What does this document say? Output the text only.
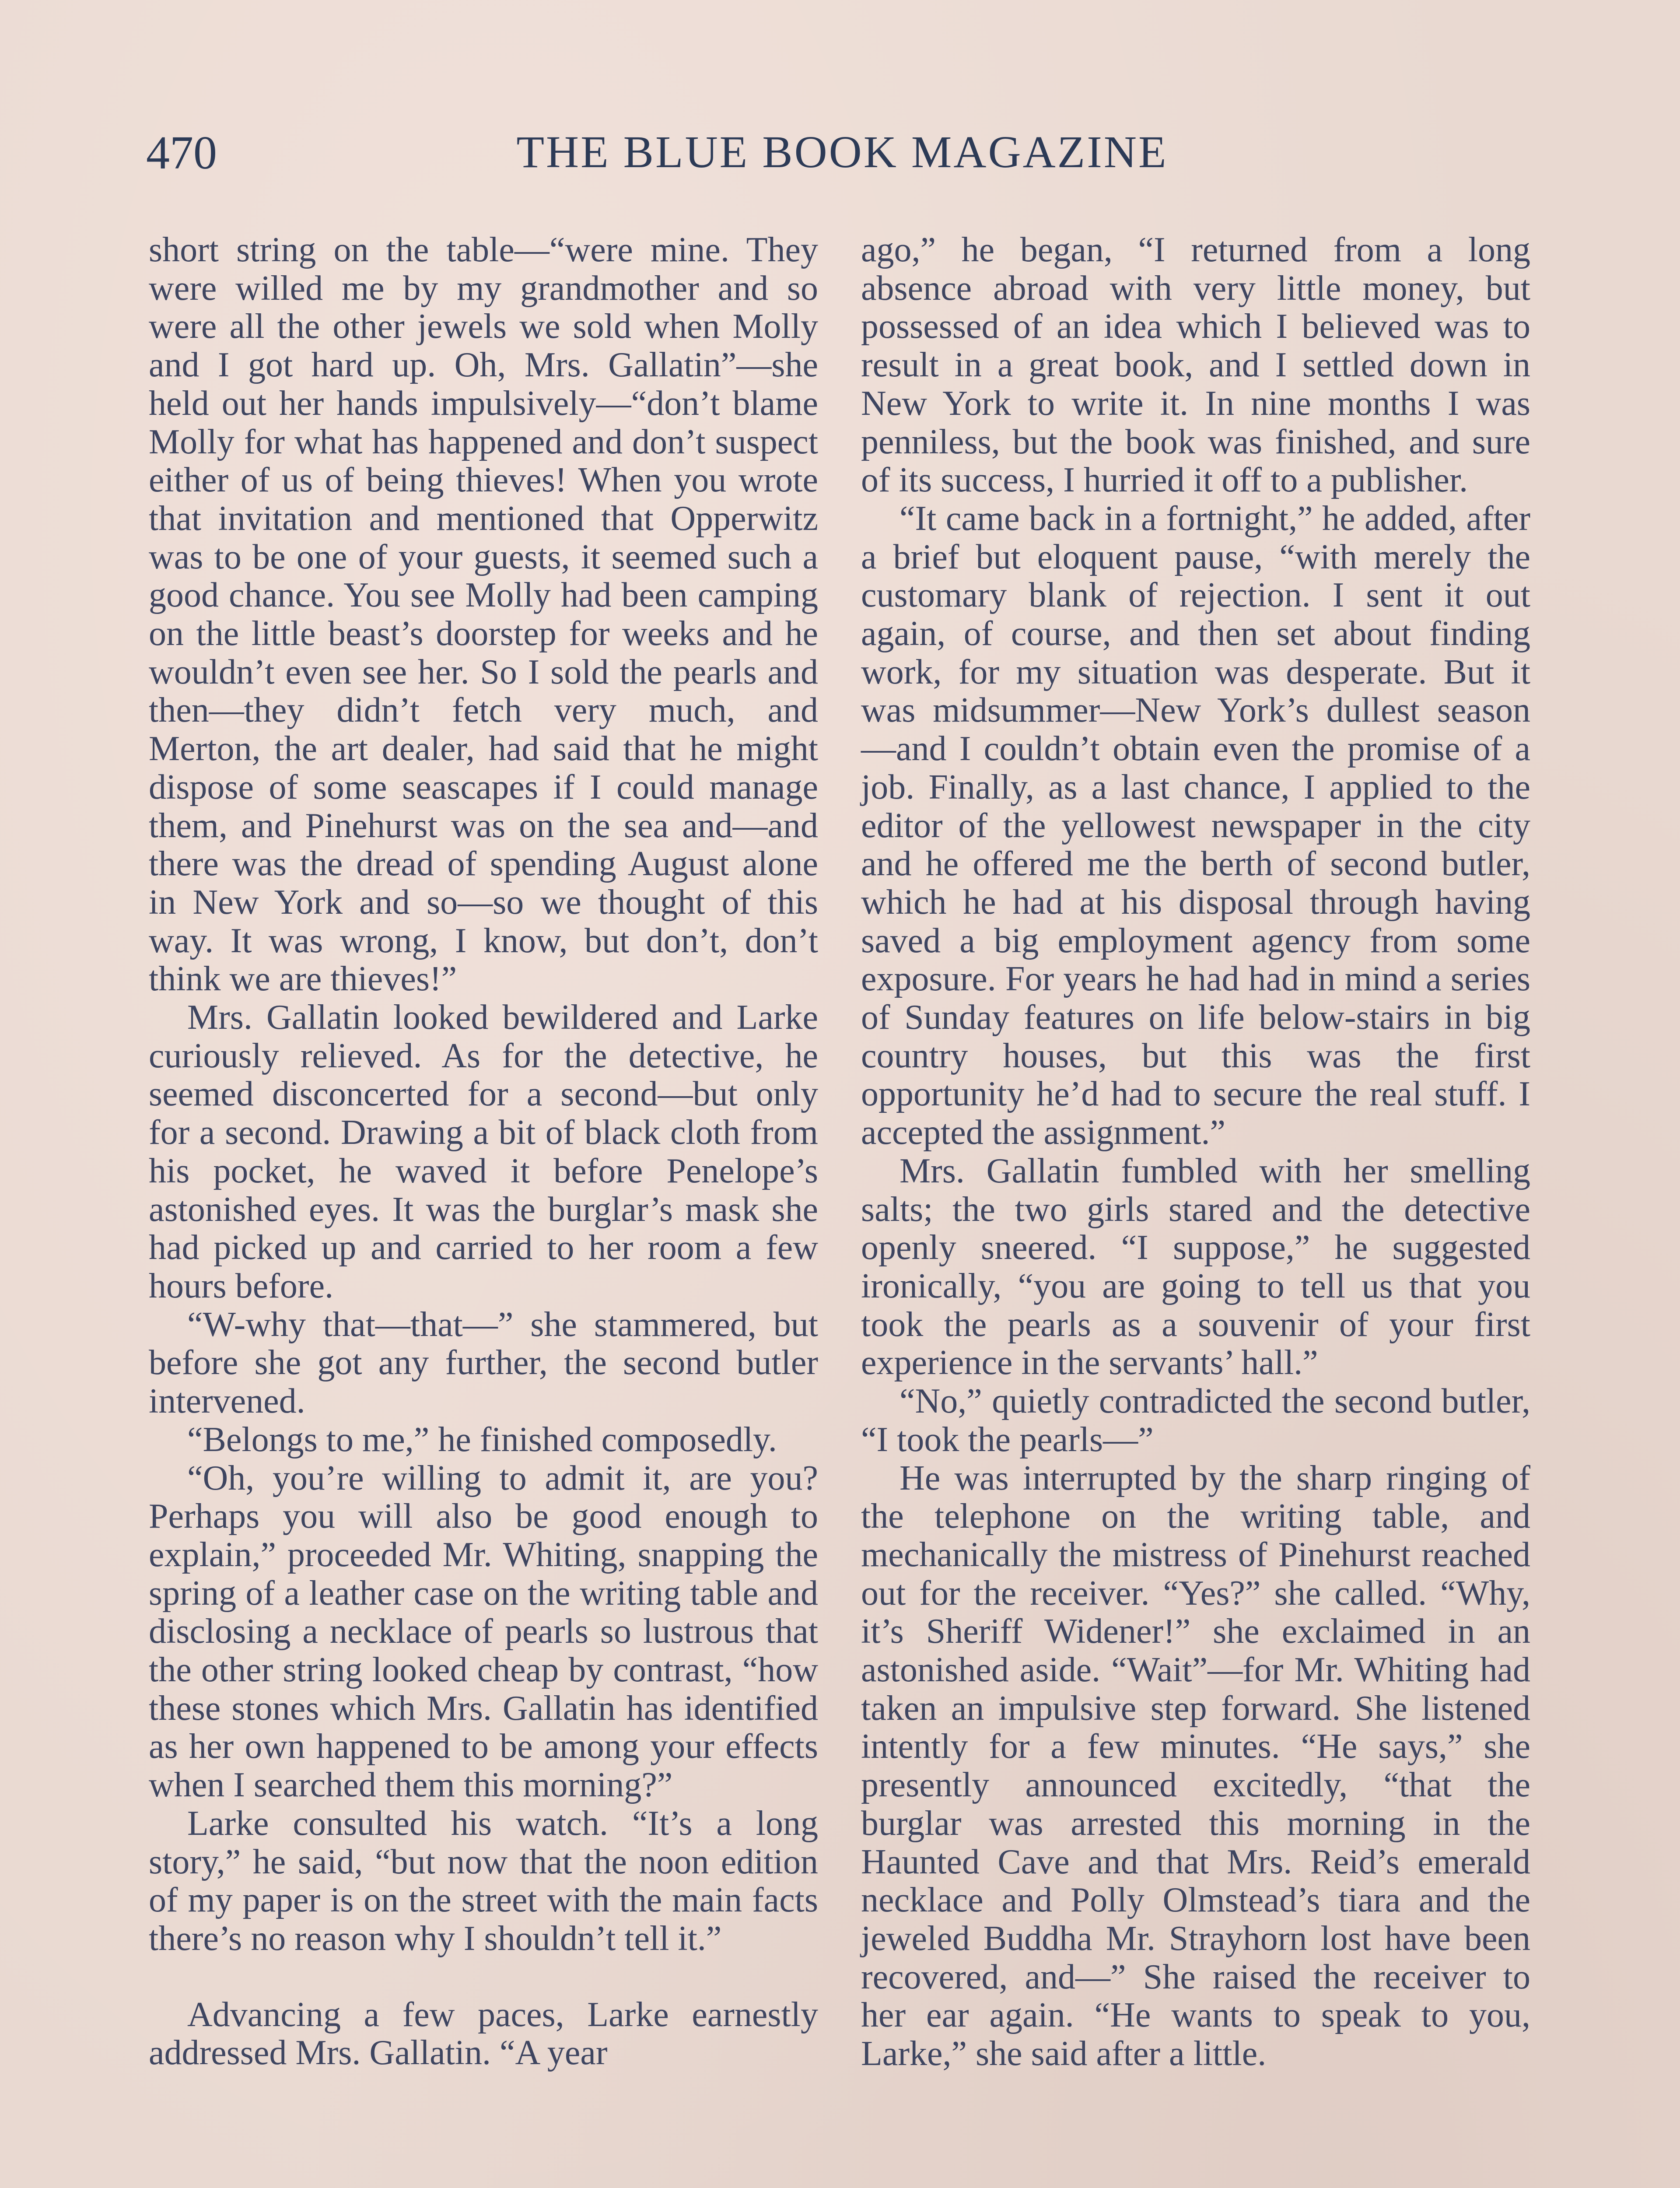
470	THE BLUE BOOK MAGAZINE

short string on the table—“were mine. They were willed me by my grandmother and so were all the other jewels we sold when Molly and I got hard up. Oh, Mrs. Gallatin”—she held out her hands impulsively—“don’t blame Molly for what has happened and don’t suspect either of us of being thieves! When you wrote that invitation and mentioned that Opperwitz was to be one of your guests, it seemed such a good chance. You see Molly had been camping on the little beast’s doorstep for weeks and he wouldn’t even see her. So I sold the pearls and then—they didn’t fetch very much, and Merton, the art dealer, had said that he might dispose of some seascapes if I could manage them, and Pinehurst was on the sea and—and there was the dread of spending August alone in New York and so—so we thought of this way. It was wrong, I know, but don’t, don’t think we are thieves!”

Mrs. Gallatin looked bewildered and Larke curiously relieved. As for the detective, he seemed disconcerted for a second—but only for a second. Drawing a bit of black cloth from his pocket, he waved it before Penelope’s astonished eyes. It was the burglar’s mask she had picked up and carried to her room a few hours before.

“W-why that—that—” she stammered, but before she got any further, the second butler intervened.

“Belongs to me,” he finished composedly.

“Oh, you’re willing to admit it, are you? Perhaps you will also be good enough to explain,” proceeded Mr. Whiting, snapping the spring of a leather case on the writing table and disclosing a necklace of pearls so lustrous that the other string looked cheap by contrast, “how these stones which Mrs. Gallatin has identified as her own happened to be among your effects when I searched them this morning?”

Larke consulted his watch. “It’s a long story,” he said, “but now that the noon edition of my paper is on the street with the main facts there’s no reason why I shouldn’t tell it.”

Advancing a few paces, Larke earnestly addressed Mrs. Gallatin. “A year

ago,” he began, “I returned from a long absence abroad with very little money, but possessed of an idea which I believed was to result in a great book, and I settled down in New York to write it. In nine months I was penniless, but the book was finished, and sure of its success, I hurried it off to a publisher.

“It came back in a fortnight,” he added, after a brief but eloquent pause, “with merely the customary blank of rejection. I sent it out again, of course, and then set about finding work, for my situation was desperate. But it was midsummer—New York’s dullest season—and I couldn’t obtain even the promise of a job. Finally, as a last chance, I applied to the editor of the yellowest newspaper in the city and he offered me the berth of second butler, which he had at his disposal through having saved a big employment agency from some exposure. For years he had had in mind a series of Sunday features on life below-stairs in big country houses, but this was the first opportunity he’d had to secure the real stuff. I accepted the assignment.”

Mrs. Gallatin fumbled with her smelling salts; the two girls stared and the detective openly sneered. “I suppose,” he suggested ironically, “you are going to tell us that you took the pearls as a souvenir of your first experience in the servants’ hall.”

“No,” quietly contradicted the second butler, “I took the pearls—”

He was interrupted by the sharp ringing of the telephone on the writing table, and mechanically the mistress of Pinehurst reached out for the receiver. “Yes?” she called. “Why, it’s Sheriff Widener!” she exclaimed in an astonished aside. “Wait”—for Mr. Whiting had taken an impulsive step forward. She listened intently for a few minutes. “He says,” she presently announced excitedly, “that the burglar was arrested this morning in the Haunted Cave and that Mrs. Reid’s emerald necklace and Polly Olmstead’s tiara and the jeweled Buddha Mr. Strayhorn lost have been recovered, and—” She raised the receiver to her ear again. “He wants to speak to you, Larke,” she said after a little.
